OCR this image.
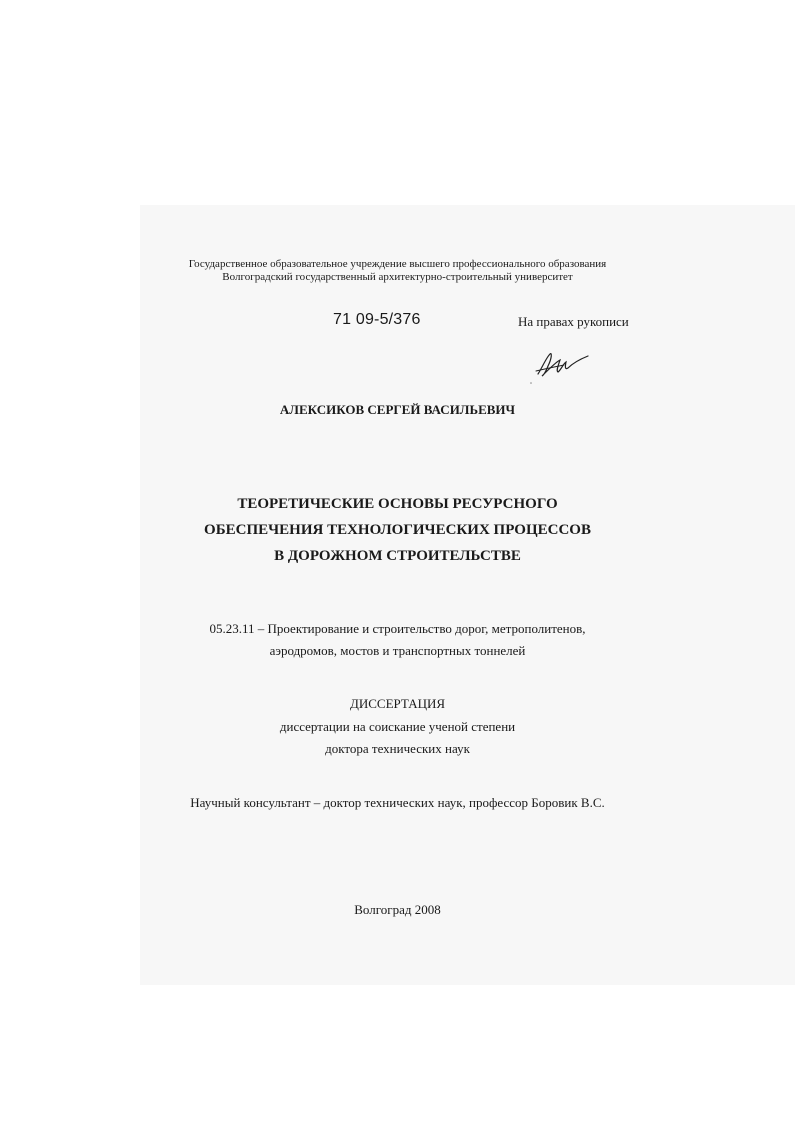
Государственное образовательное учреждение высшего профессионального образования
Волгоградский государственный архитектурно-строительный университет
71 09-5/376	На правах рукописи
АЛЕКСИКОВ СЕРГЕЙ ВАСИЛЬЕВИЧ
ТЕОРЕТИЧЕСКИЕ ОСНОВЫ РЕСУРСНОГО
ОБЕСПЕЧЕНИЯ ТЕХНОЛОГИЧЕСКИХ ПРОЦЕССОВ
В ДОРОЖНОМ СТРОИТЕЛЬСТВЕ
05.23.11 – Проектирование и строительство дорог, метрополитенов,
аэродромов, мостов и транспортных тоннелей
ДИССЕРТАЦИЯ
диссертации на соискание ученой степени
доктора технических наук
Научный консультант – доктор технических наук, профессор Боровик В.С.
Волгоград 2008
